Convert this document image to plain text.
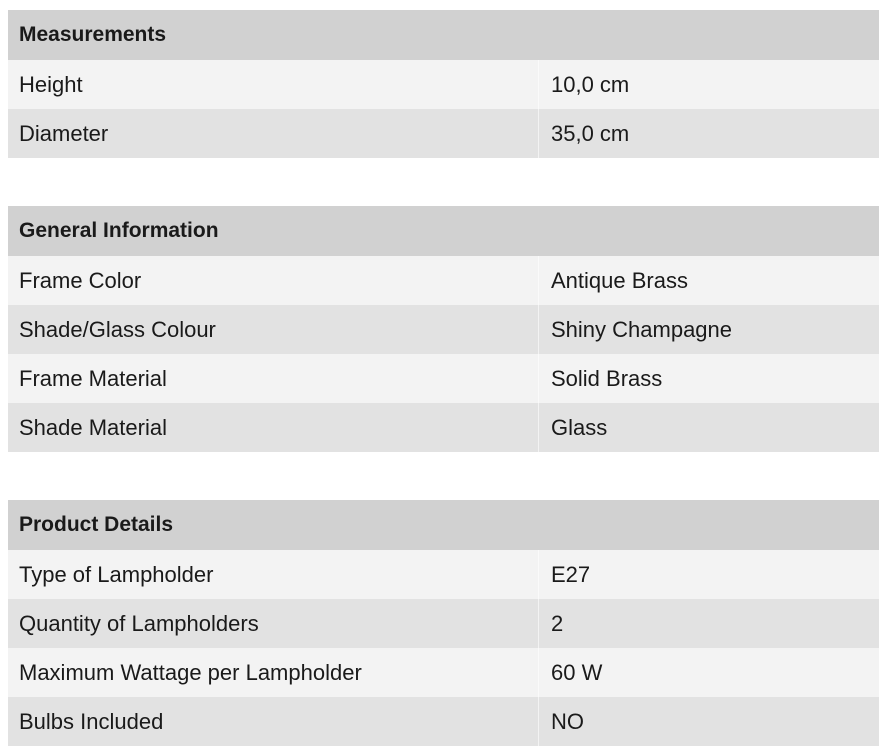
Measurements
Height	10,0 cm
Diameter	35,0 cm
General Information
Frame Color	Antique Brass
Shade/Glass Colour	Shiny Champagne
Frame Material	Solid Brass
Shade Material	Glass
Product Details
Type of Lampholder	E27
Quantity of Lampholders	2
Maximum Wattage per Lampholder	60 W
Bulbs Included	NO
